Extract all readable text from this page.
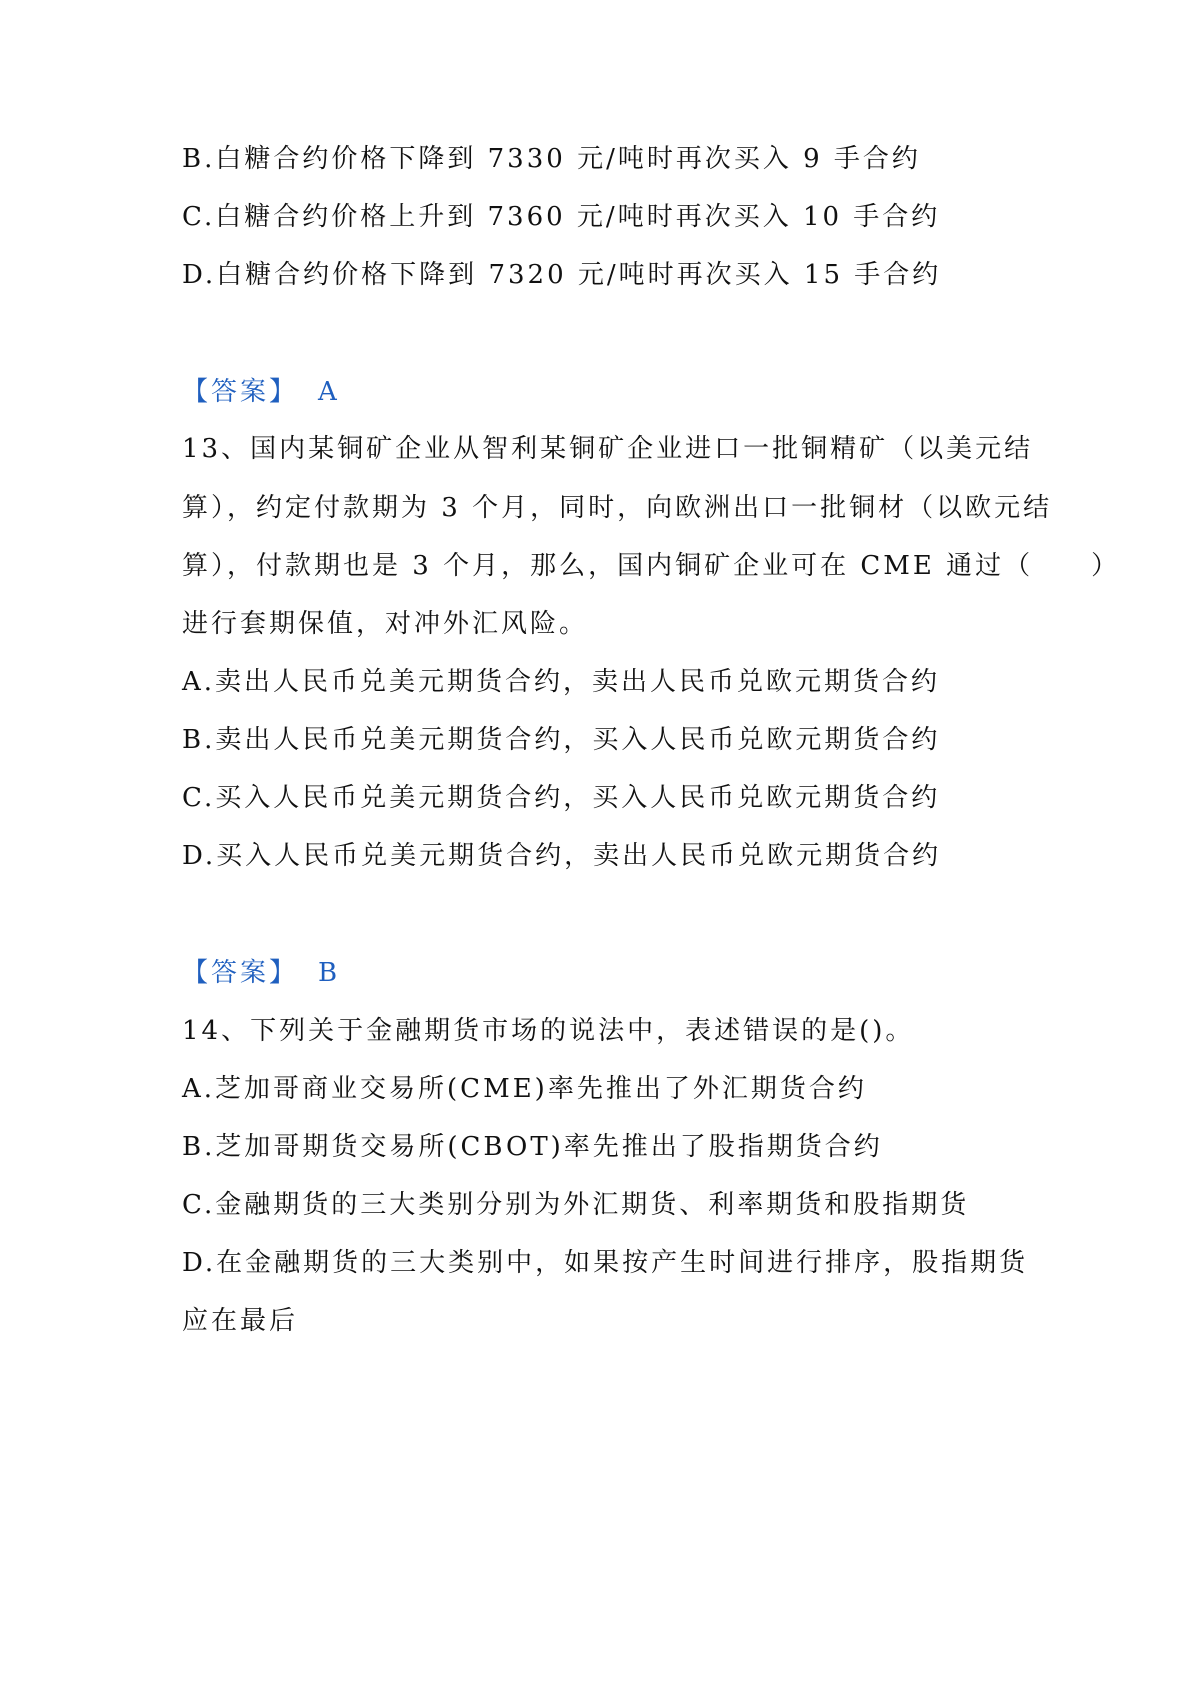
B.白糖合约价格下降到 7330 元/吨时再次买入 9 手合约
C.白糖合约价格上升到 7360 元/吨时再次买入 10 手合约
D.白糖合约价格下降到 7320 元/吨时再次买入 15 手合约
【答案】 A
13、国内某铜矿企业从智利某铜矿企业进口一批铜精矿（以美元结
算），约定付款期为 3 个月，同时，向欧洲出口一批铜材（以欧元结
算），付款期也是 3 个月，那么，国内铜矿企业可在 CME 通过（　　）
进行套期保值，对冲外汇风险。
A.卖出人民币兑美元期货合约，卖出人民币兑欧元期货合约
B.卖出人民币兑美元期货合约，买入人民币兑欧元期货合约
C.买入人民币兑美元期货合约，买入人民币兑欧元期货合约
D.买入人民币兑美元期货合约，卖出人民币兑欧元期货合约
【答案】 B
14、下列关于金融期货市场的说法中，表述错误的是()。
A.芝加哥商业交易所(CME)率先推出了外汇期货合约
B.芝加哥期货交易所(CBOT)率先推出了股指期货合约
C.金融期货的三大类别分别为外汇期货、利率期货和股指期货
D.在金融期货的三大类别中，如果按产生时间进行排序，股指期货
应在最后
